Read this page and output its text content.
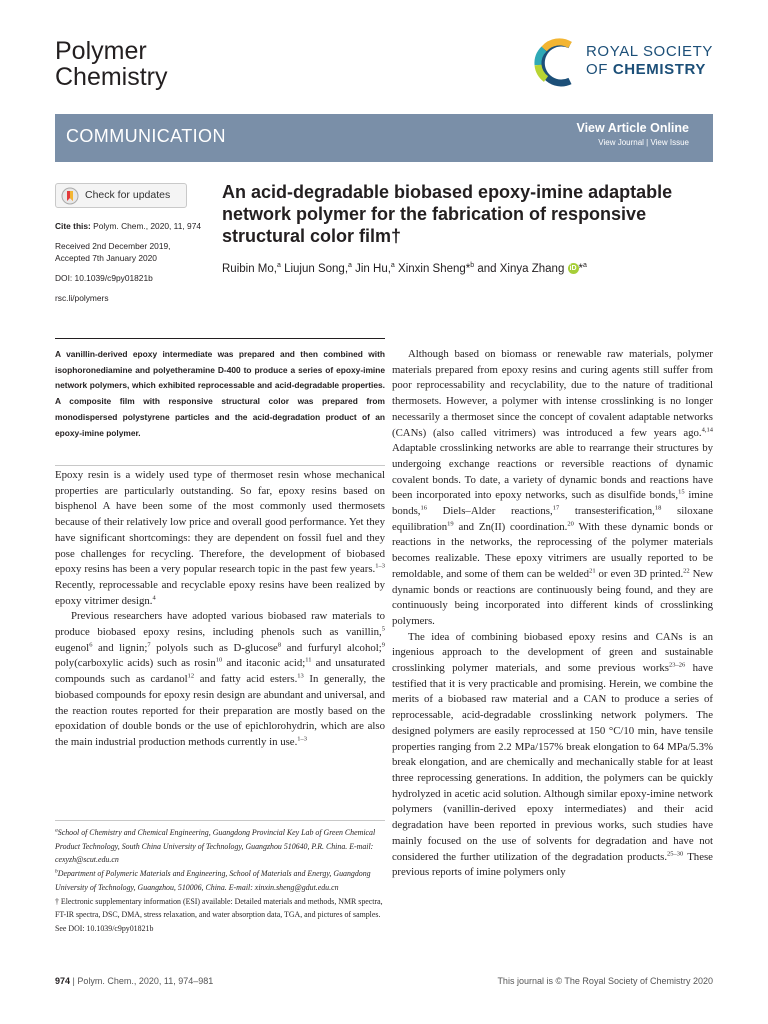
Polymer
Chemistry
ROYAL SOCIETY
OF CHEMISTRY
COMMUNICATION	View Article Online
View Journal | View Issue
Check for updates

Cite this: Polym. Chem., 2020, 11, 974

Received 2nd December 2019,
Accepted 7th January 2020

DOI: 10.1039/c9py01821b

rsc.li/polymers

An acid-degradable biobased epoxy-imine adaptable network polymer for the fabrication of responsive structural color film†
Ruibin Mo,$^a$ Liujun Song,$^a$ Jin Hu,$^a$ Xinxin Sheng*$^b$ and Xinya Zhang iD *$^a$
A vanillin-derived epoxy intermediate was prepared and then combined with isophoronediamine and polyetheramine D-400 to produce a series of epoxy-imine network polymers, which exhibited reprocessable and acid-degradable properties. A composite film with responsive structural color was prepared from monodispersed polystyrene particles and the acid-degradation product of an epoxy-imine polymer.

Epoxy resin is a widely used type of thermoset resin whose mechanical properties are particularly outstanding. So far, epoxy resins based on bisphenol A have been some of the most commonly used thermosets because of their relatively low price and overall good performance. Yet they have significant shortcomings: they are dependent on fossil fuel and they pose challenges for recycling. Therefore, the development of biobased epoxy resins has been a very popular research topic in the past few years.$^{1-3}$ Recently, reprocessable and recyclable epoxy resins have been realized by epoxy vitrimer design.$^4$

Previous researchers have adopted various biobased raw materials to produce biobased epoxy resins, including phenols such as vanillin,$^5$ eugenol$^6$ and lignin;$^7$ polyols such as D-glucose$^8$ and furfuryl alcohol;$^9$ poly(carboxylic acids) such as rosin$^{10}$ and itaconic acid;$^{11}$ and unsaturated compounds such as cardanol$^{12}$ and fatty acid esters.$^{13}$ In generally, the biobased compounds for epoxy resin design are abundant and universal, and the reaction routes reported for their preparation are mostly based on the epoxidation of double bonds or the use of epichlorohydrin, which are also the main industrial production methods currently in use.$^{1-3}$

Although based on biomass or renewable raw materials, polymer materials prepared from epoxy resins and curing agents still suffer from poor reprocessability and recyclability, due to the nature of traditional thermosets. However, a polymer with intense crosslinking is no longer necessarily a thermoset since the concept of covalent adaptable networks (CANs) (also called vitrimers) was introduced a few years ago.$^{4,14}$ Adaptable crosslinking networks are able to rearrange their structures by undergoing exchange reactions or reversible reactions of dynamic covalent bonds. To date, a variety of dynamic bonds and reactions have been incorporated into epoxy networks, such as disulfide bonds,$^{15}$ imine bonds,$^{16}$ Diels–Alder reactions,$^{17}$ transesterification,$^{18}$ siloxane equilibration$^{19}$ and Zn(II) coordination.$^{20}$ With these dynamic bonds or reactions in the networks, the reprocessing of the polymer materials becomes realizable. These epoxy vitrimers are usually reported to be remoldable, and some of them can be welded$^{21}$ or even 3D printed.$^{22}$ New dynamic bonds or reactions are continuously being found, and they are continuously being incorporated into different kinds of crosslinking polymers.

The idea of combining biobased epoxy resins and CANs is an ingenious approach to the development of green and sustainable crosslinking polymer materials, and some previous works$^{23-26}$ have testified that it is very practicable and promising. Herein, we combine the merits of a biobased raw material and a CAN to produce a series of reprocessable, acid-degradable crosslinking network polymers. The designed polymers are easily reprocessed at 150 °C/10 min, have tensile properties ranging from 2.2 MPa/157% break elongation to 64 MPa/5.3% break elongation, and are chemically and mechanically stable for at least three reprocessing generations. In addition, the polymers can be quickly hydrolyzed in acetic acid solution. Although similar epoxy-imine network polymers (vanillin-derived epoxy intermediates) and their acid degradation have been reported in previous works, such studies have mainly focused on the use of solvents for degradation and have not considered the further utilization of the degradation products.$^{25-30}$ These previous reports of imine polymers only

$^a$School of Chemistry and Chemical Engineering, Guangdong Provincial Key Lab of Green Chemical Product Technology, South China University of Technology, Guangzhou 510640, P.R. China. E-mail: cexyzh@scut.edu.cn

$^b$Department of Polymeric Materials and Engineering, School of Materials and Energy, Guangdong University of Technology, Guangzhou, 510006, China. E-mail: xinxin.sheng@gdut.edu.cn

† Electronic supplementary information (ESI) available: Detailed materials and methods, NMR spectra, FT-IR spectra, DSC, DMA, stress relaxation, and water absorption data, TGA, and pictures of samples. See DOI: 10.1039/c9py01821b

974 | Polym. Chem., 2020, 11, 974–981	This journal is © The Royal Society of Chemistry 2020
